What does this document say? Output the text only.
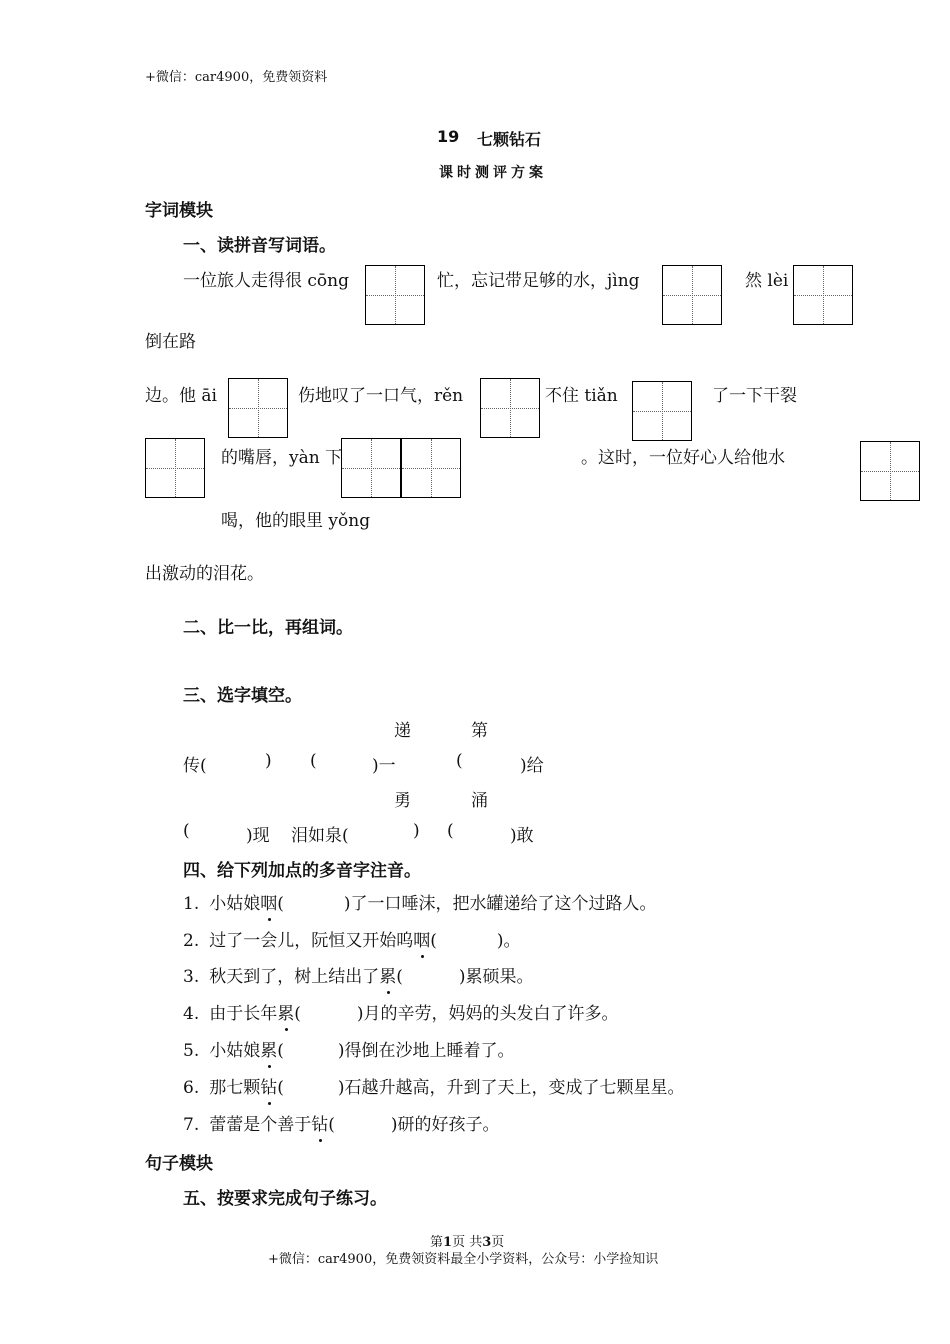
+微信：car4900，免费领资料
19 七颗钻石
课时测评方案
字词模块
一、读拼音写词语。
一位旅人走得很 cōng	忙，忘记带足够的水，jìng	然 lèi
倒在路
边。他 āi	伤地叹了一口气，rěn	不住 tiǎn	了一下干裂
的嘴唇，yàn 下	。这时，一位好心人给他水
喝，他的眼里 yǒng
出激动的泪花。
二、比一比，再组词。
三、选字填空。
递	第
传(	) (	)一	(	)给
勇	涌
(	)现 泪如泉(	) (	)敢
四、给下列加点的多音字注音。
1. 小姑娘咽(	)了一口唾沫，把水罐递给了这个过路人。
2. 过了一会儿，阮恒又开始呜咽(	)。
3. 秋天到了，树上结出了累(	)累硕果。
4. 由于长年累(	)月的辛劳，妈妈的头发白了许多。
5. 小姑娘累(	)得倒在沙地上睡着了。
6. 那七颗钻(	)石越升越高，升到了天上，变成了七颗星星。
7. 蕾蕾是个善于钻(	)研的好孩子。
句子模块
五、按要求完成句子练习。
第1页 共3页
+微信：car4900，免费领资料最全小学资料，公众号：小学捡知识
